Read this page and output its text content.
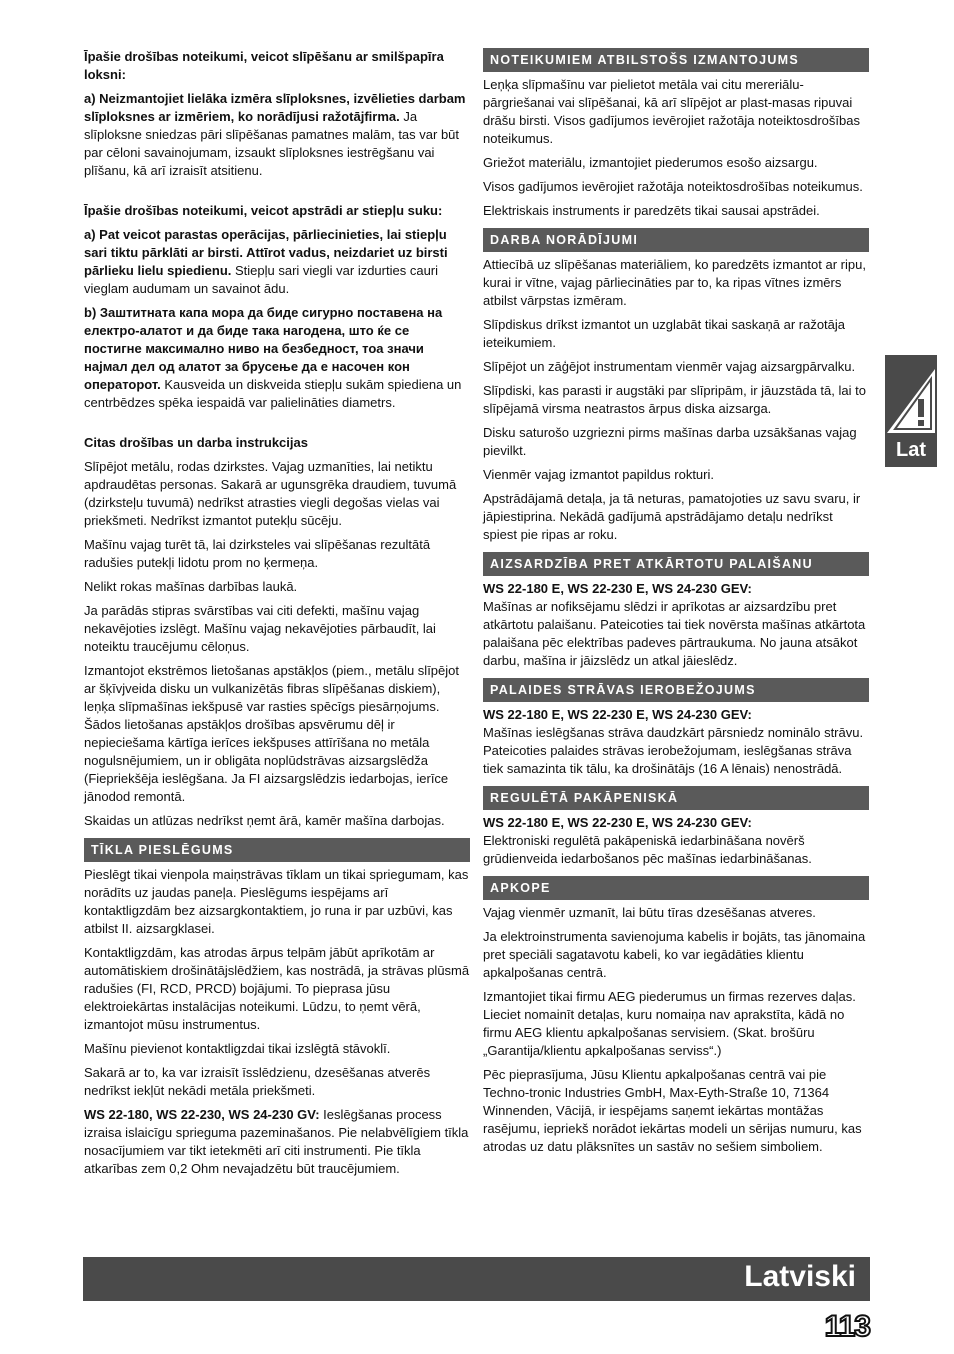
Īpašie drošības noteikumi, veicot slīpēšanu ar smilšpapīra loksni:

a) Neizmantojiet lielāka izmēra slīploksnes, izvēlieties darbam slīploksnes ar izmēriem, ko norādījusi ražotājfirma. Ja slīploksne sniedzas pāri slīpēšanas pamatnes malām, tas var būt par cēloni savainojumam, izsaukt slīploksnes iestrēgšanu vai plīšanu, kā arī izraisīt atsitienu.

Īpašie drošības noteikumi, veicot apstrādi ar stiepļu suku:

a) Pat veicot parastas operācijas, pārliecinieties, lai stiepļu sari tiktu pārklāti ar birsti. Attīrot vadus, neizdariet uz birsti pārlieku lielu spiedienu. Stiepļu sari viegli var izdurties cauri vieglam audumam un savainot ādu.

b) Заштитната капа мора да биде сигурно поставена на електро-алатот и да биде така нагодена, што ќе се постигне максимално ниво на безбедност, тоа значи најмал дел од алатот за брусење да е насочен кон операторот. Kausveida un diskveida stiepļu sukām spiediena un centrbēdzes spēka iespaidā var palielināties diametrs.

Citas drošības un darba instrukcijas

Slīpējot metālu, rodas dzirkstes. Vajag uzmanīties, lai netiktu apdraudētas personas. Sakarā ar ugunsgrēka draudiem, tuvumā (dzirksteļu tuvumā) nedrīkst atrasties viegli degošas vielas vai priekšmeti. Nedrīkst izmantot putekļu sūcēju.

Mašīnu vajag turēt tā, lai dzirksteles vai slīpēšanas rezultātā radušies putekļi lidotu prom no ķermeņa.

Nelikt rokas mašīnas darbības laukā.

Ja parādās stipras svārstības vai citi defekti, mašīnu vajag nekavējoties izslēgt. Mašīnu vajag nekavējoties pārbaudīt, lai noteiktu traucējumu cēloņus.

Izmantojot ekstrēmos lietošanas apstākļos (piem., metālu slīpējot ar šķīvjveida disku un vulkanizētās fibras slīpēšanas diskiem), leņķa slīpmašīnas iekšpusē var rasties spēcīgs piesārņojums. Šādos lietošanas apstākļos drošības apsvērumu dēļ ir nepieciešama kārtīga ierīces iekšpuses attīrīšana no metāla nogulsnējumiem, un ir obligāta noplūdstrāvas aizsargslēdža (Fiepriekšēja ieslēgšana. Ja FI aizsargslēdzis iedarbojas, ierīce jānodod remontā.

Skaidas un atlūzas nedrīkst ņemt ārā, kamēr mašīna darbojas.

TĪKLA PIESLĒGUMS

Pieslēgt tikai vienpola maiņstrāvas tīklam un tikai spriegumam, kas norādīts uz jaudas paneļa. Pieslēgums iespējams arī kontaktligzdām bez aizsargkontaktiem, jo runa ir par uzbūvi, kas atbilst II. aizsargklasei.

Kontaktligzdām, kas atrodas ārpus telpām jābūt aprīkotām ar automātiskiem drošinātājslēdžiem, kas nostrādā, ja strāvas plūsmā radušies (FI, RCD, PRCD) bojājumi. To pieprasa jūsu elektroiekārtas instalācijas noteikumi. Lūdzu, to ņemt vērā, izmantojot mūsu instrumentus.

Mašīnu pievienot kontaktligzdai tikai izslēgtā stāvoklī.

Sakarā ar to, ka var izraisīt īsslēdzienu, dzesēšanas atverēs nedrīkst iekļūt nekādi metāla priekšmeti.

WS 22-180, WS 22-230, WS 24-230 GV: Ieslēgšanas process izraisa islaicīgu sprieguma pazeminašanos. Pie nelabvēlīgiem tīkla nosacījumiem var tikt ietekmēti arī citi instrumenti. Pie tīkla atkarības zem 0,2 Ohm nevajadzētu būt traucējumiem.

NOTEIKUMIEM ATBILSTOŠS IZMANTOJUMS

Leņķa slīpmašīnu var pielietot metāla vai citu mereriālupārgriešanai vai slīpēšanai, kā arī slīpējot ar plast-masas ripuvai drāšu birsti. Visos gadījumos ievērojiet ražotāja noteiktosdrošības noteikumus.

Griežot materiālu, izmantojiet piederumos esošo aizsargu.

Visos gadījumos ievērojiet ražotāja noteiktosdrošības noteikumus.

Elektriskais instruments ir paredzēts tikai sausai apstrādei.

DARBA NORĀDĪJUMI

Attiecībā uz slīpēšanas materiāliem, ko paredzēts izmantot ar ripu, kurai ir vītne, vajag pārliecināties par to, ka ripas vītnes izmērs atbilst vārpstas izmēram.

Slīpdiskus drīkst izmantot un uzglabāt tikai saskaņā ar ražotāja ieteikumiem.

Slīpējot un zāģējot instrumentam vienmēr vajag aizsargpārvalku.

Slīpdiski, kas parasti ir augstāki par slīpripām, ir jāuzstāda tā, lai to slīpējamā virsma neatrastos ārpus diska aizsarga.

Disku saturošo uzgriezni pirms mašīnas darba uzsākšanas vajag pievilkt.

Vienmēr vajag izmantot papildus rokturi.

Apstrādājamā detaļa, ja tā neturas, pamatojoties uz savu svaru, ir jāpiestiprina. Nekādā gadījumā apstrādājamo detaļu nedrīkst spiest pie ripas ar roku.

AIZSARDZĪBA PRET ATKĀRTOTU PALAIŠANU

WS 22-180 E, WS 22-230 E, WS 24-230 GEV:
Mašīnas ar nofiksējamu slēdzi ir aprīkotas ar aizsardzību pret atkārtotu palaišanu. Pateicoties tai tiek novērsta mašīnas atkārtota palaišana pēc elektrības padeves pārtraukuma. No jauna atsākot darbu, mašīna ir jāizslēdz un atkal jāieslēdz.

PALAIDES STRĀVAS IEROBEŽOJUMS

WS 22-180 E, WS 22-230 E, WS 24-230 GEV:
Mašīnas ieslēgšanas strāva daudzkārt pārsniedz nominālo strāvu. Pateicoties palaides strāvas ierobežojumam, ieslēgšanas strāva tiek samazinta tik tālu, ka drošinātājs (16 A lēnais) nenostrādā.

REGULĒTĀ PAKĀPENISKĀ

WS 22-180 E, WS 22-230 E, WS 24-230 GEV:
Elektroniski regulētā pakāpeniskā iedarbināšana novērš grūdienveida iedarbošanos pēc mašīnas iedarbināšanas.

APKOPE

Vajag vienmēr uzmanīt, lai būtu tīras dzesēšanas atveres.

Ja elektroinstrumenta savienojuma kabelis ir bojāts, tas jānomaina pret speciāli sagatavotu kabeli, ko var iegādāties klientu apkalpošanas centrā.

Izmantojiet tikai firmu AEG piederumus un firmas rezerves daļas. Lieciet nomainīt detaļas, kuru nomaiņa nav aprakstīta, kādā no firmu AEG klientu apkalpošanas servisiem. (Skat. brošūru „Garantija/klientu apkalpošanas serviss“.)

Pēc pieprasījuma, Jūsu Klientu apkalpošanas centrā vai pie Techno-tronic Industries GmbH, Max-Eyth-Straße 10, 71364 Winnenden, Vācijā, ir iespējams saņemt iekārtas montāžas rasējumu, iepriekš norādot iekārtas modeli un sērijas numuru, kas atrodas uz datu plāksnītes un sastāv no sešiem simboliem.

Lat
Latviski
113
